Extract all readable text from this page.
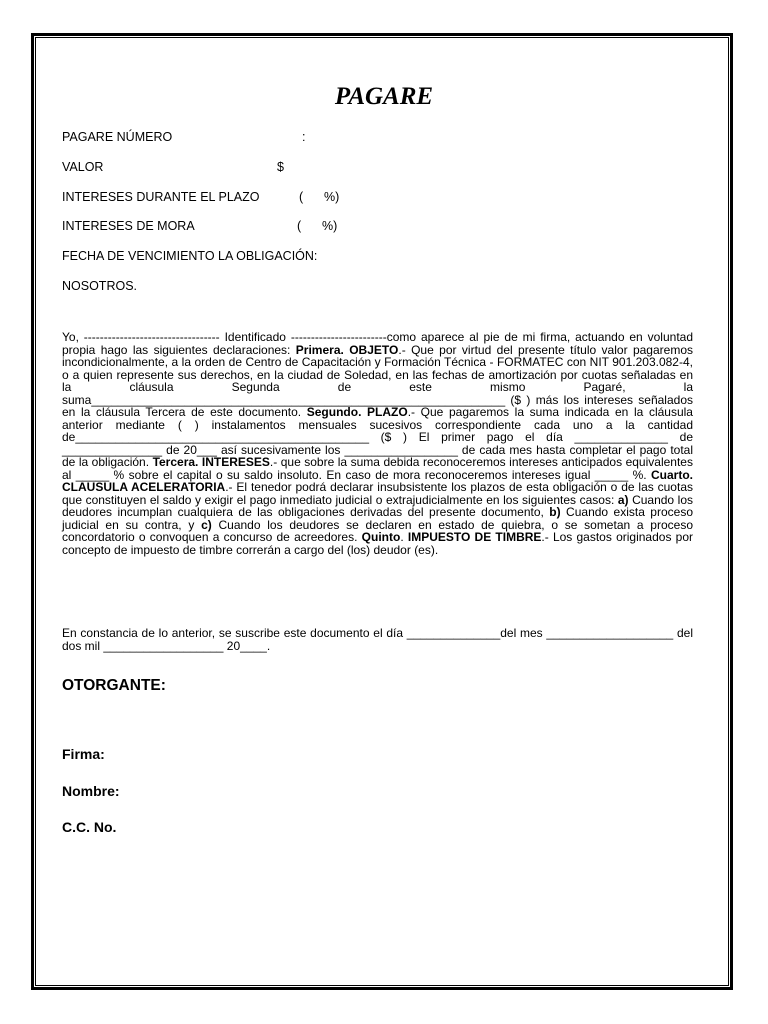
PAGARE
PAGARE NÚMERO	:
VALOR	$
INTERESES DURANTE EL PLAZO	(      %)
INTERESES DE MORA	(      %)
FECHA DE VENCIMIENTO LA OBLIGACIÓN:
NOSOTROS.
Yo, ---------------------------------- Identificado ------------------------como aparece al pie de mi firma, actuando en voluntad propia hago las siguientes declaraciones: Primera. OBJETO.- Que por virtud del presente título valor pagaremos incondicionalmente, a la orden de Centro de Capacitación y Formación Técnica - FORMATEC con NIT 901.203.082-4, o a quien represente sus derechos, en la ciudad de Soledad, en las fechas de amortización por cuotas señaladas en la cláusula Segunda de este mismo Pagaré, la suma______________________________________________________________ ($ ) más los intereses señalados en la cláusula Tercera de este documento. Segundo. PLAZO.- Que pagaremos la suma indicada en la cláusula anterior mediante ( ) instalamentos mensuales sucesivos correspondiente cada uno a la cantidad de____________________________________________ ($ ) El primer pago el día ______________ de _______________ de 20___ así sucesivamente los _________________ de cada mes hasta completar el pago total de la obligación. Tercera. INTERESES.- que sobre la suma debida reconoceremos intereses anticipados equivalentes al _____ % sobre el capital o su saldo insoluto. En caso de mora reconoceremos intereses igual _____ %. Cuarto. CLAUSULA ACELERATORIA.- El tenedor podrá declarar insubsistente los plazos de esta obligación o de las cuotas que constituyen el saldo y exigir el pago inmediato judicial o extrajudicialmente en los siguientes casos: a) Cuando los deudores incumplan cualquiera de las obligaciones derivadas del presente documento, b) Cuando exista proceso judicial en su contra, y c) Cuando los deudores se declaren en estado de quiebra, o se sometan a proceso concordatorio o convoquen a concurso de acreedores. Quinto. IMPUESTO DE TIMBRE.- Los gastos originados por concepto de impuesto de timbre correrán a cargo del (los) deudor (es).
En constancia de lo anterior, se suscribe este documento el día ______________del mes ___________________ del dos mil __________________ 20____.
OTORGANTE:
Firma:
Nombre:
C.C. No.
